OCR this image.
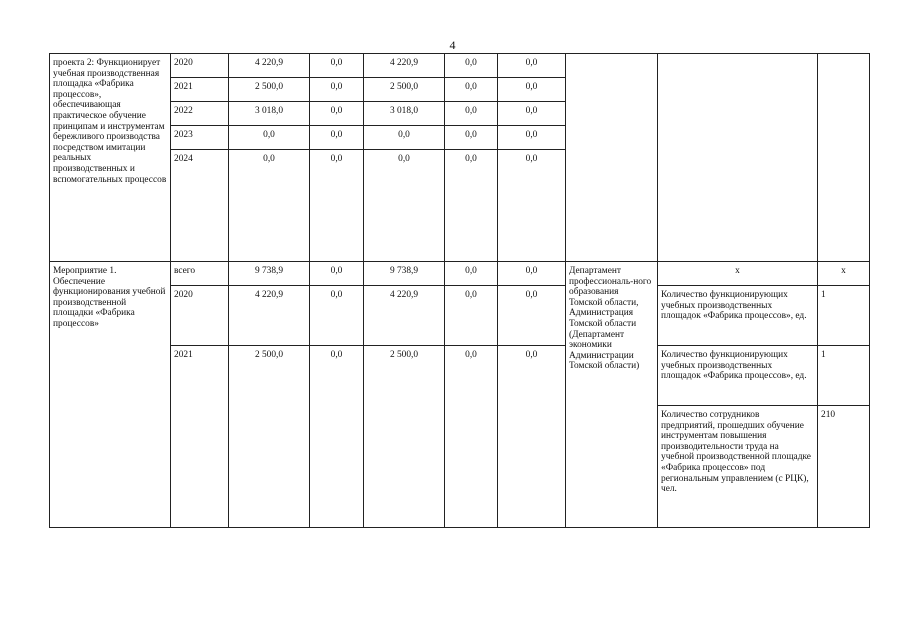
4
проекта 2: Функционирует учебная производственная площадка «Фабрика процессов», обеспечивающая практическое обучение принципам и инструментам бережливого производства посредством имитации реальных производственных и вспомогательных процессов	2020	4 220,9	0,0	4 220,9	0,0	0,0			
	2021	2 500,0	0,0	2 500,0	0,0	0,0			
	2022	3 018,0	0,0	3 018,0	0,0	0,0			
	2023	0,0	0,0	0,0	0,0	0,0			
	2024	0,0	0,0	0,0	0,0	0,0			
Мероприятие 1. Обеспечение функционирования учебной производственной площадки «Фабрика процессов»	всего	9 738,9	0,0	9 738,9	0,0	0,0	Департамент профессиональ-ного образования Томской области, Администрация Томской области (Департамент экономики Администрации Томской области)	х	х
	2020	4 220,9	0,0	4 220,9	0,0	0,0		Количество функционирующих учебных производственных площадок «Фабрика процессов», ед.	1
	2021	2 500,0	0,0	2 500,0	0,0	0,0		Количество функционирующих учебных производственных площадок «Фабрика процессов», ед.	1
								Количество сотрудников предприятий, прошедших обучение инструментам повышения производительности труда на учебной производственной площадке «Фабрика процессов» под региональным управлением (с РЦК), чел.	210
